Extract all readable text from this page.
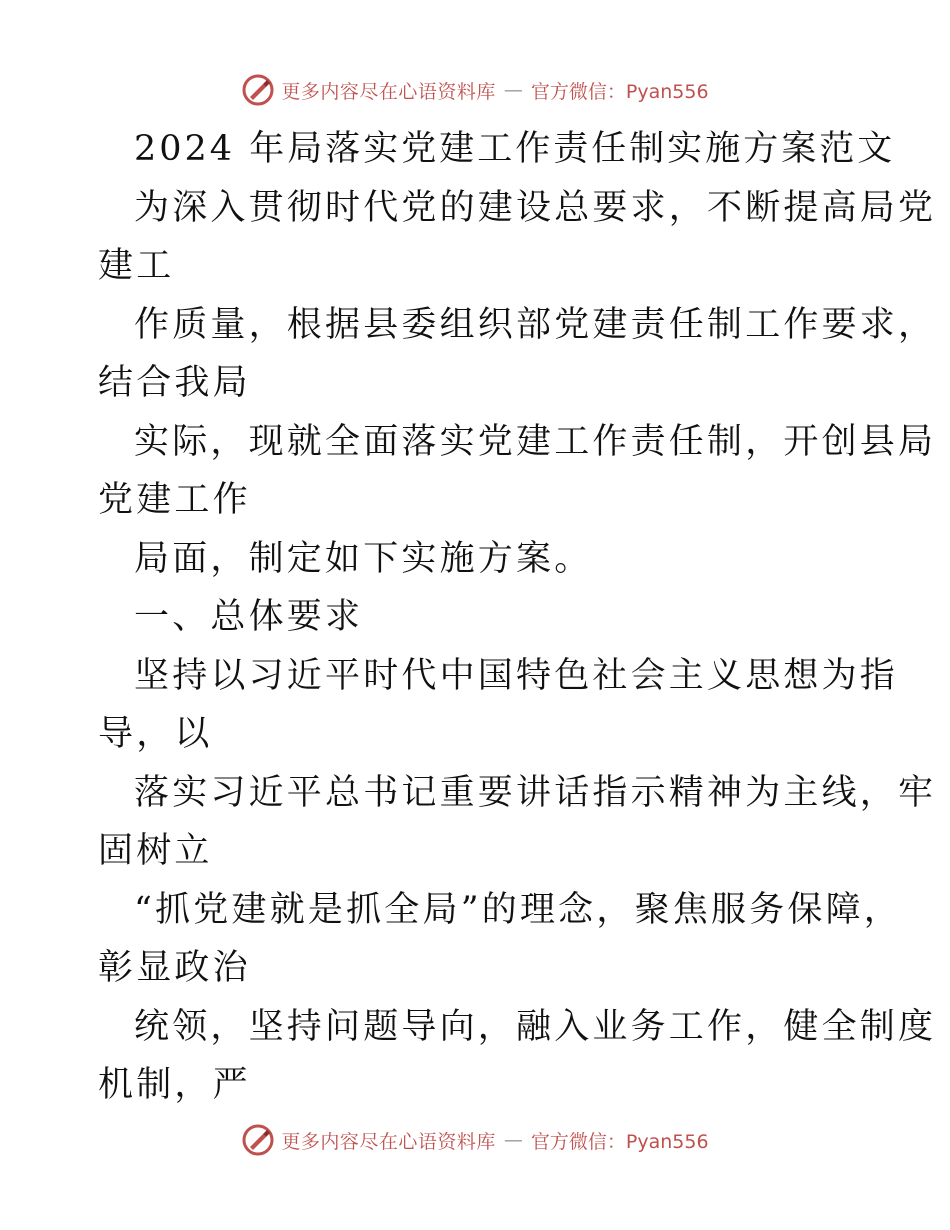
更多内容尽在心语资料库 — 官方微信：Pyan556
2024 年局落实党建工作责任制实施方案范文
为深入贯彻时代党的建设总要求，不断提高局党
建工
作质量，根据县委组织部党建责任制工作要求，
结合我局
实际，现就全面落实党建工作责任制，开创县局
党建工作
局面，制定如下实施方案。
一、总体要求
坚持以习近平时代中国特色社会主义思想为指
导，以
落实习近平总书记重要讲话指示精神为主线，牢
固树立
“抓党建就是抓全局”的理念，聚焦服务保障，
彰显政治
统领，坚持问题导向，融入业务工作，健全制度
机制，严
更多内容尽在心语资料库 — 官方微信：Pyan556
